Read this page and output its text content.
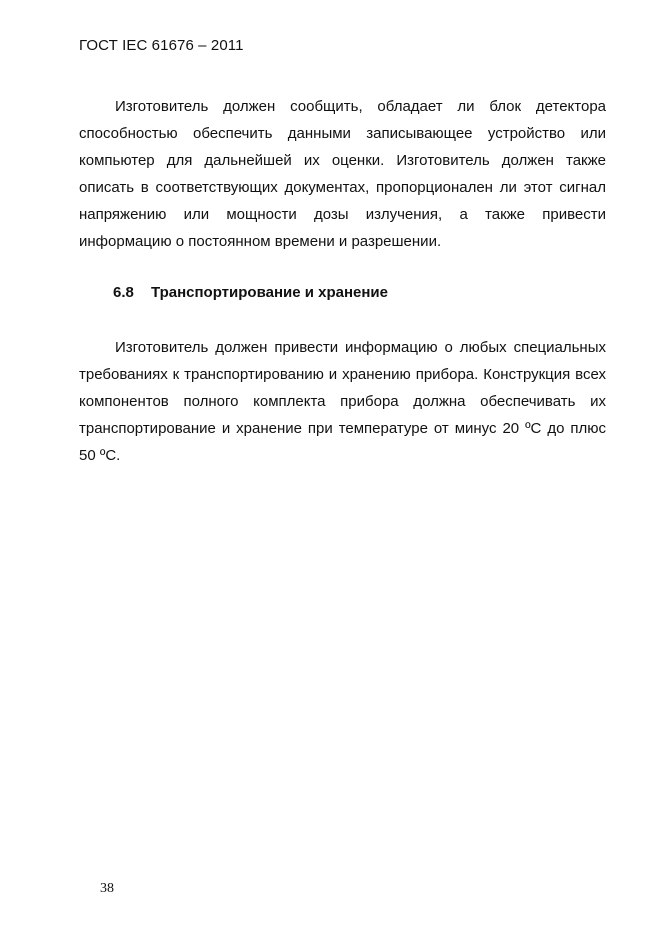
ГОСТ IEC 61676 – 2011

Изготовитель должен сообщить, обладает ли блок детектора способностью обеспечить данными записывающее устройство или компьютер для дальнейшей их оценки. Изготовитель должен также описать в соответствующих документах, пропорционален ли этот сигнал напряжению или мощности дозы излучения, а также привести информацию о постоянном времени и разрешении.

6.8 Транспортирование и хранение

Изготовитель должен привести информацию о любых специальных требованиях к транспортированию и хранению прибора. Конструкция всех компонентов полного комплекта прибора должна обеспечивать их транспортирование и хранение при температуре от минус 20 ºС до плюс 50 ºС.

38
